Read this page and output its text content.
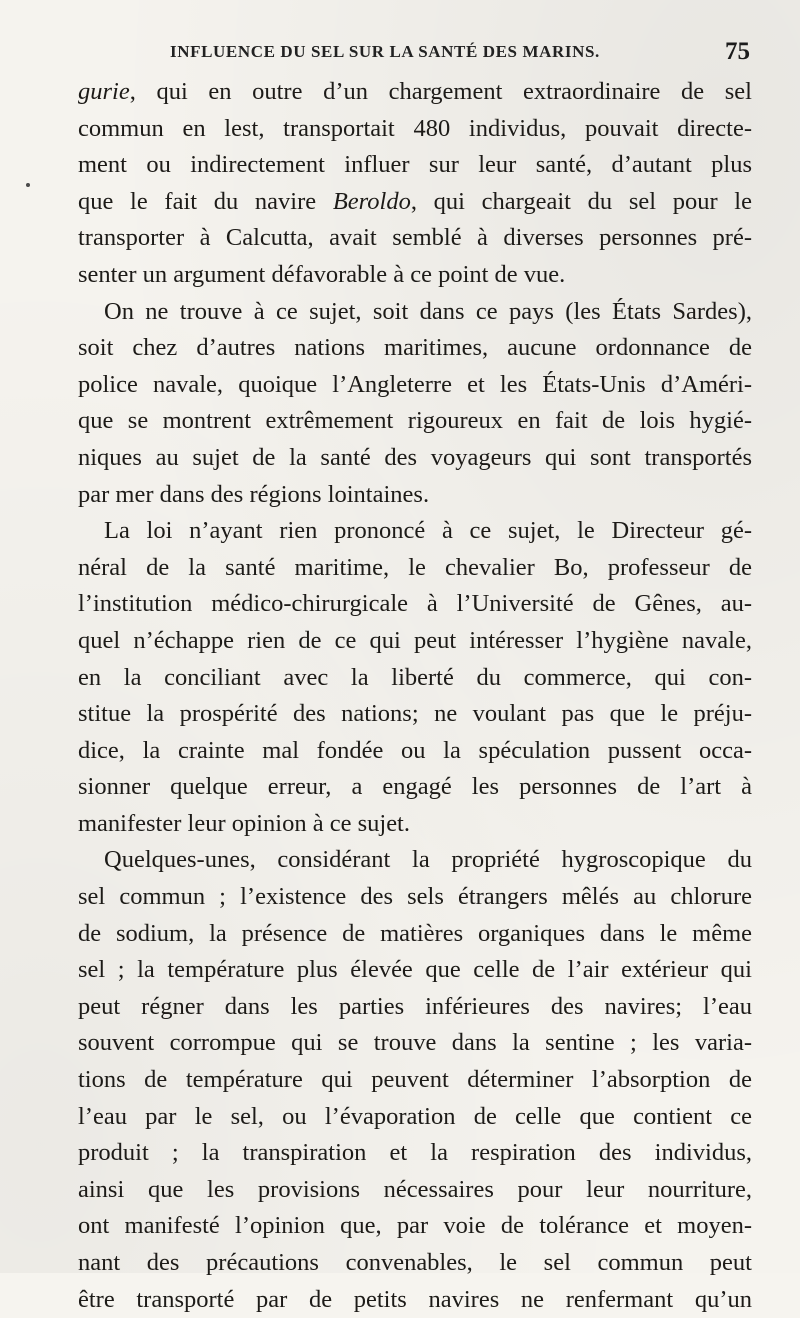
INFLUENCE DU SEL SUR LA SANTÉ DES MARINS.	75
gurie, qui en outre d’un chargement extraordinaire de sel
commun en lest, transportait 480 individus, pouvait directe-
ment ou indirectement influer sur leur santé, d’autant plus
que le fait du navire Beroldo, qui chargeait du sel pour le
transporter à Calcutta, avait semblé à diverses personnes pré-
senter un argument défavorable à ce point de vue.
On ne trouve à ce sujet, soit dans ce pays (les États Sardes),
soit chez d’autres nations maritimes, aucune ordonnance de
police navale, quoique l’Angleterre et les États-Unis d’Améri-
que se montrent extrêmement rigoureux en fait de lois hygié-
niques au sujet de la santé des voyageurs qui sont transportés
par mer dans des régions lointaines.
La loi n’ayant rien prononcé à ce sujet, le Directeur gé-
néral de la santé maritime, le chevalier Bo, professeur de
l’institution médico-chirurgicale à l’Université de Gênes, au-
quel n’échappe rien de ce qui peut intéresser l’hygiène navale,
en la conciliant avec la liberté du commerce, qui con-
stitue la prospérité des nations; ne voulant pas que le préju-
dice, la crainte mal fondée ou la spéculation pussent occa-
sionner quelque erreur, a engagé les personnes de l’art à
manifester leur opinion à ce sujet.
Quelques-unes, considérant la propriété hygroscopique du
sel commun ; l’existence des sels étrangers mêlés au chlorure
de sodium, la présence de matières organiques dans le même
sel ; la température plus élevée que celle de l’air extérieur qui
peut régner dans les parties inférieures des navires; l’eau
souvent corrompue qui se trouve dans la sentine ; les varia-
tions de température qui peuvent déterminer l’absorption de
l’eau par le sel, ou l’évaporation de celle que contient ce
produit ; la transpiration et la respiration des individus,
ainsi que les provisions nécessaires pour leur nourriture,
ont manifesté l’opinion que, par voie de tolérance et moyen-
nant des précautions convenables, le sel commun peut
être transporté par de petits navires ne renfermant qu’un
